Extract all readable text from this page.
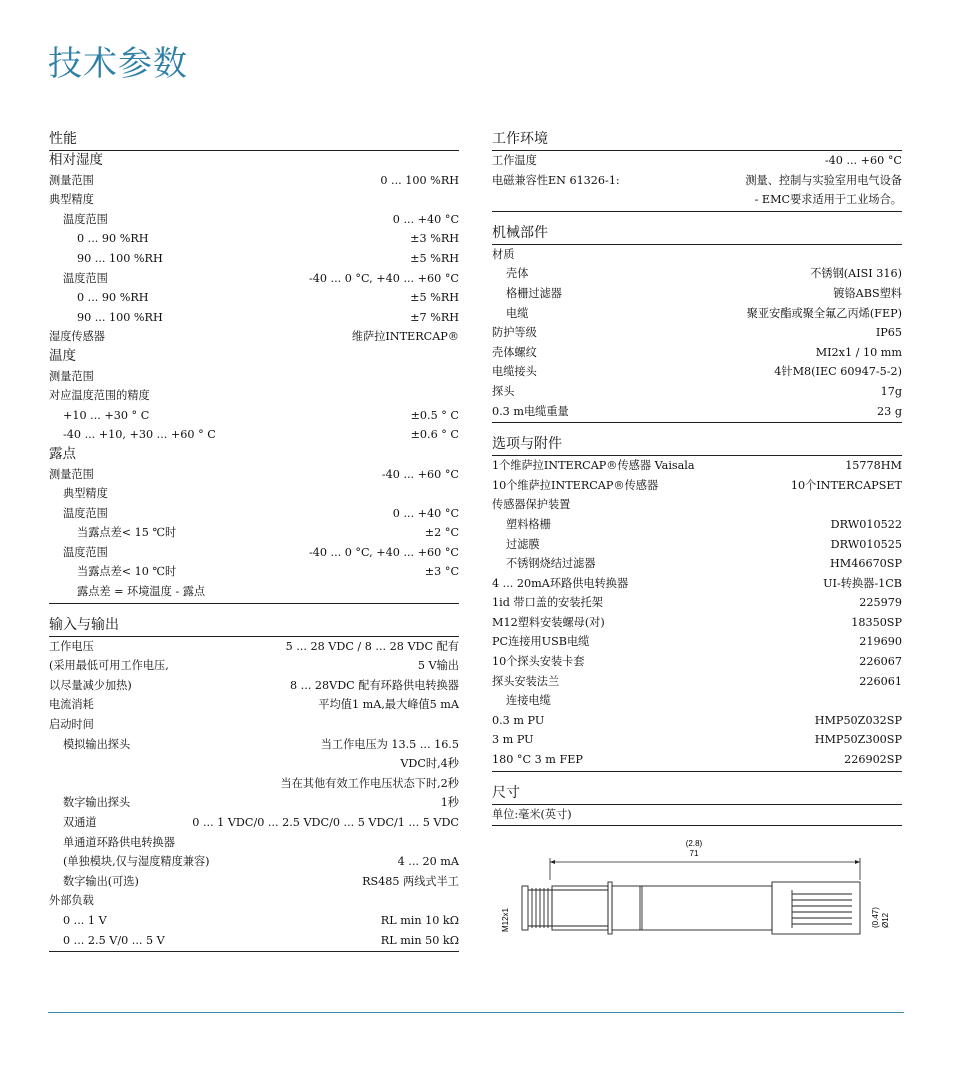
技术参数
性能
相对湿度
测量范围	0 ... 100 %RH
典型精度
温度范围	0 ... +40 °C
0 ... 90 %RH	±3 %RH
90 ... 100 %RH	±5 %RH
温度范围	-40 ... 0 °C, +40 ... +60 °C
0 ... 90 %RH	±5 %RH
90 ... 100 %RH	±7 %RH
湿度传感器	维萨拉INTERCAP®
温度
测量范围
对应温度范围的精度
+10 ... +30 ° C	±0.5 ° C
-40 ... +10, +30 ... +60 ° C	±0.6 ° C
露点
测量范围	-40 ... +60 °C
典型精度
温度范围	0 ... +40 °C
当露点差< 15 ℃时	±2 °C
温度范围	-40 ... 0 °C, +40 ... +60 °C
当露点差< 10 ℃时	±3 °C
露点差 = 环境温度 - 露点
输入与输出
工作电压	5 ... 28 VDC / 8 ... 28 VDC 配有
(采用最低可用工作电压,	5 V输出
以尽量减少加热)	8 ... 28VDC 配有环路供电转换器
电流消耗	平均值1 mA,最大峰值5 mA
启动时间
模拟输出探头	当工作电压为 13.5 ... 16.5
VDC时,4秒
当在其他有效工作电压状态下时,2秒
数字输出探头	1秒
双通道	0 ... 1 VDC/0 ... 2.5 VDC/0 ... 5 VDC/1 ... 5 VDC
单通道环路供电转换器
(单独模块,仅与湿度精度兼容)	4 ... 20 mA
数字输出(可选)	RS485 两线式半工
外部负载
0 ... 1 V	RL min 10 kΩ
0 ... 2.5 V/0 ... 5 V	RL min 50 kΩ
工作环境
工作温度	-40 ... +60 °C
电磁兼容性EN 61326-1:	测量、控制与实验室用电气设备
- EMC要求适用于工业场合。
机械部件
材质
壳体	不锈钢(AISI 316)
格栅过滤器	镀铬ABS塑料
电缆	聚亚安酯或聚全氟乙丙烯(FEP)
防护等级	IP65
壳体螺纹	MI2x1 / 10 mm
电缆接头	4针M8(IEC 60947-5-2)
探头	17g
0.3 m电缆重量	23 g
选项与附件
1个维萨拉INTERCAP®传感器 Vaisala	15778HM
10个维萨拉INTERCAP®传感器	10个INTERCAPSET
传感器保护装置
塑料格栅	DRW010522
过滤膜	DRW010525
不锈钢烧结过滤器	HM46670SP
4 ... 20mA环路供电转换器	UI-转换器-1CB
1id 带口盖的安装托架	225979
M12塑料安装螺母(对)	18350SP
PC连接用USB电缆	219690
10个探头安装卡套	226067
探头安装法兰	226061
连接电缆
0.3 m PU	HMP50Z032SP
3 m PU	HMP50Z300SP
180 °C 3 m FEP	226902SP
尺寸
单位:毫米(英寸)
(2.8)
71
M12x1	(0.47) Ø12
